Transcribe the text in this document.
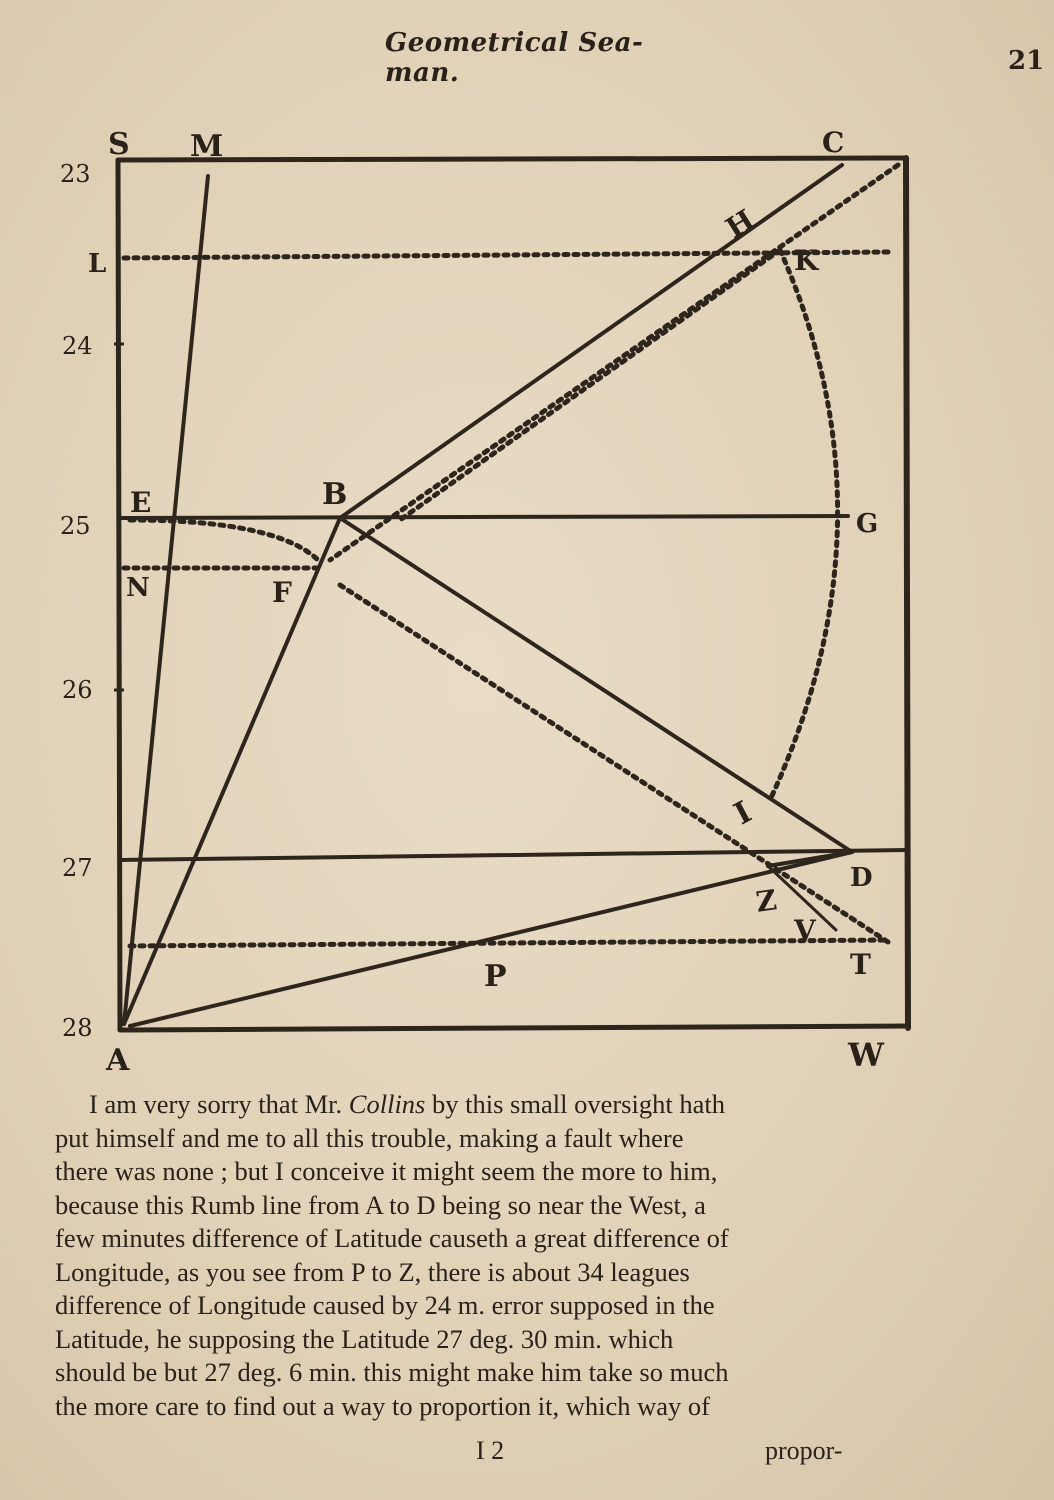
Geometrical Sea-man.	21
23
24
25
26
27
28
S M	C
L
H
K
E	B
G
N	F
I
D
Z
V
T
P
A	W
I am very sorry that Mr. Collins by this small oversight hath
put himself and me to all this trouble, making a fault where
there was none ; but I conceive it might seem the more to him,
because this Rumb line from A to D being so near the West, a
few minutes difference of Latitude causeth a great difference of
Longitude, as you see from P to Z, there is about 34 leagues
difference of Longitude caused by 24 m. error supposed in the
Latitude, he supposing the Latitude 27 deg. 30 min. which
should be but 27 deg. 6 min. this might make him take so much
the more care to find out a way to proportion it, which way of
I 2	propor-
